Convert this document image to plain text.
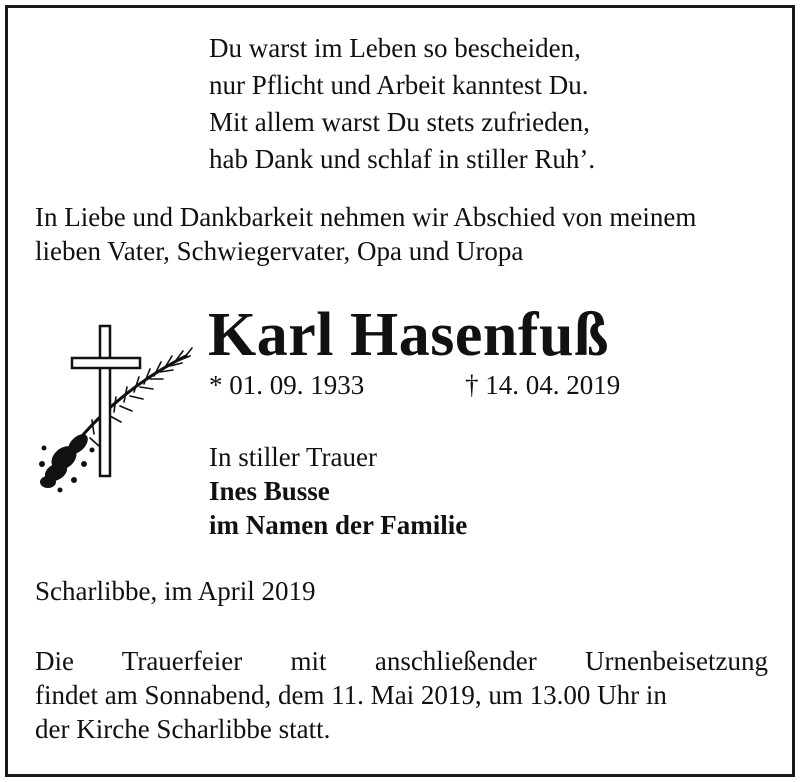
Du warst im Leben so bescheiden,
nur Pflicht und Arbeit kanntest Du.
Mit allem warst Du stets zufrieden,
hab Dank und schlaf in stiller Ruh’.
In Liebe und Dankbarkeit nehmen wir Abschied von meinem
lieben Vater, Schwiegervater, Opa und Uropa
Karl Hasenfuß
* 01. 09. 1933	† 14. 04. 2019
In stiller Trauer
Ines Busse
im Namen der Familie
Scharlibbe, im April 2019
Die Trauerfeier mit anschließender Urnenbeisetzung
findet am Sonnabend, dem 11. Mai 2019, um 13.00 Uhr in
der Kirche Scharlibbe statt.
